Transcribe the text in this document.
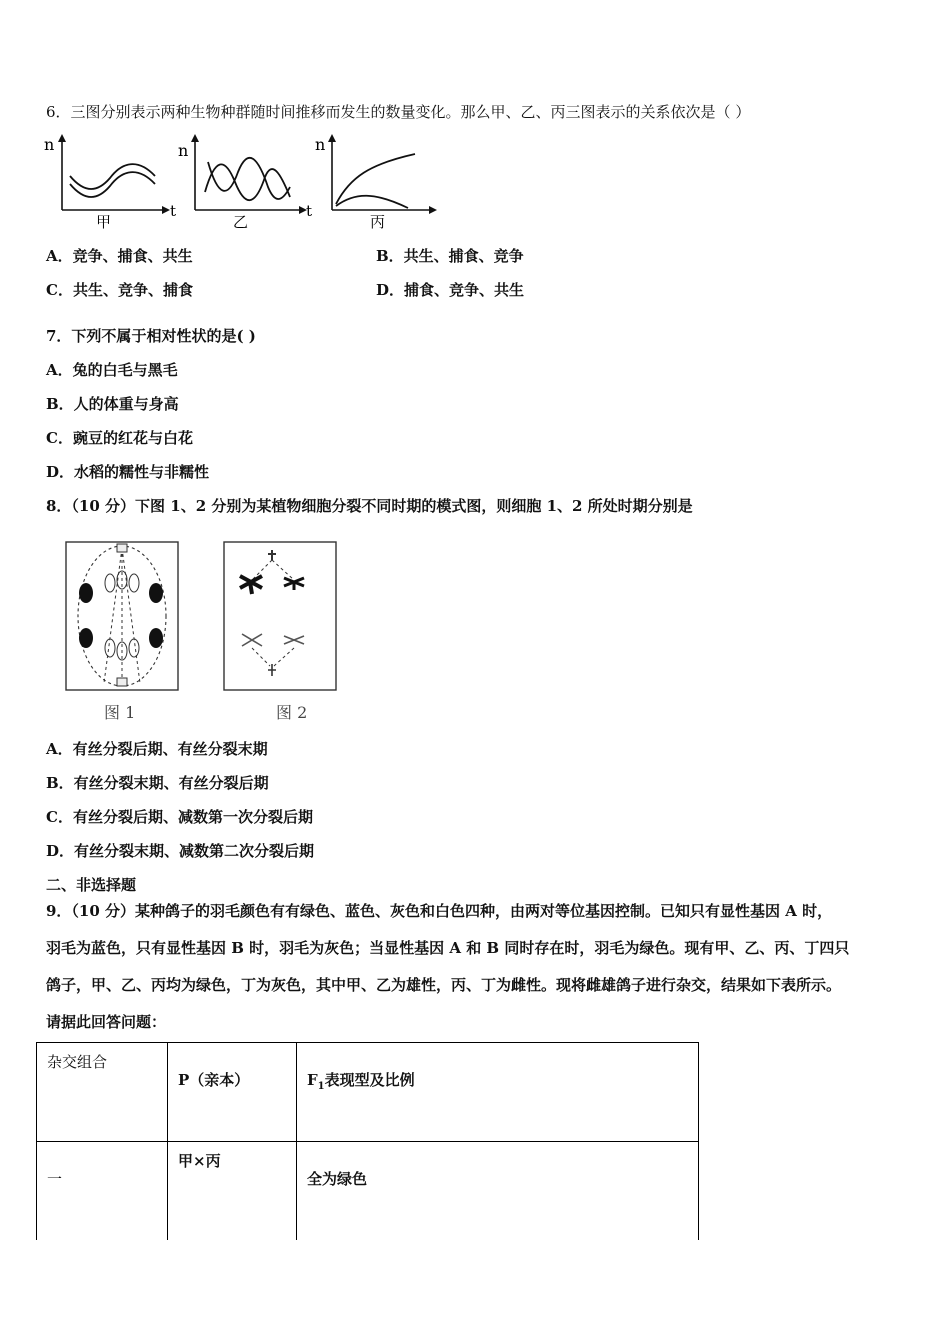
6．三图分别表示两种生物种群随时间推移而发生的数量变化。那么甲、乙、丙三图表示的关系依次是（ ）
n
t
甲
n
t
乙
n
丙
A．竞争、捕食、共生	B．共生、捕食、竞争
C．共生、竞争、捕食	D．捕食、竞争、共生
7．下列不属于相对性状的是( )
A．兔的白毛与黑毛
B．人的体重与身高
C．豌豆的红花与白花
D．水稻的糯性与非糯性
8．（10 分）下图 1、2 分别为某植物细胞分裂不同时期的模式图，则细胞 1、2 所处时期分别是
图 1	图 2
A．有丝分裂后期、有丝分裂末期
B．有丝分裂末期、有丝分裂后期
C．有丝分裂后期、减数第一次分裂后期
D．有丝分裂末期、减数第二次分裂后期
二、非选择题
9．（10 分）某种鸽子的羽毛颜色有有绿色、蓝色、灰色和白色四种，由两对等位基因控制。已知只有显性基因 A 时，
羽毛为蓝色，只有显性基因 B 时，羽毛为灰色；当显性基因 A 和 B 同时存在时，羽毛为绿色。现有甲、乙、丙、丁四只
鸽子，甲、乙、丙均为绿色，丁为灰色，其中甲、乙为雄性，丙、丁为雌性。现将雌雄鸽子进行杂交，结果如下表所示。
请据此回答问题：
杂交组合	P（亲本）	$F_1$表现型及比例
一	甲×丙	全为绿色
